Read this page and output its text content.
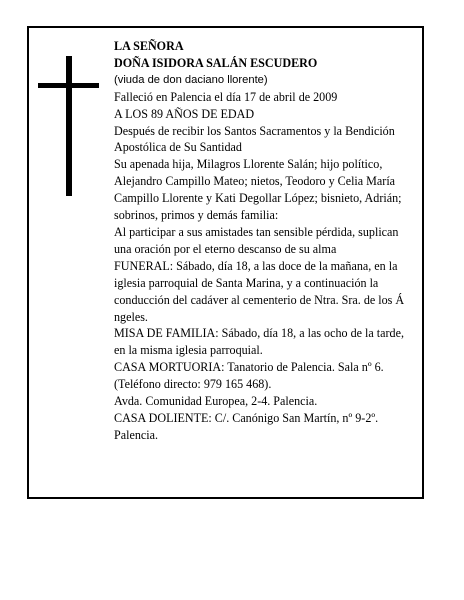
LA SEÑORA

DOÑA ISIDORA SALÁN ESCUDERO

(viuda de don daciano llorente)

Falleció en Palencia el día 17 de abril de 2009

A LOS 89 AÑOS DE EDAD

Después de recibir los Santos Sacramentos y la Bendición Apostólica de Su Santidad

Su apenada hija, Milagros Llorente Salán; hijo político, Alejandro Campillo Mateo; nietos, Teodoro y Celia María Campillo Llorente y Kati Degollar López; bisnieto, Adrián; sobrinos, primos y demás familia:

Al participar a sus amistades tan sensible pérdida, suplican una oración por el eterno descanso de su alma

FUNERAL: Sábado, día 18, a las doce de la mañana, en la iglesia parroquial de Santa Marina, y a continuación la conducción del cadáver al cementerio de Ntra. Sra. de los Á ngeles.

MISA DE FAMILIA: Sábado, día 18, a las ocho de la tarde, en la misma iglesia parroquial.

CASA MORTUORIA: Tanatorio de Palencia. Sala nº 6. (Teléfono directo: 979 165 468).

Avda. Comunidad Europea, 2-4. Palencia.

CASA DOLIENTE: C/. Canónigo San Martín, nº 9-2º. Palencia.
